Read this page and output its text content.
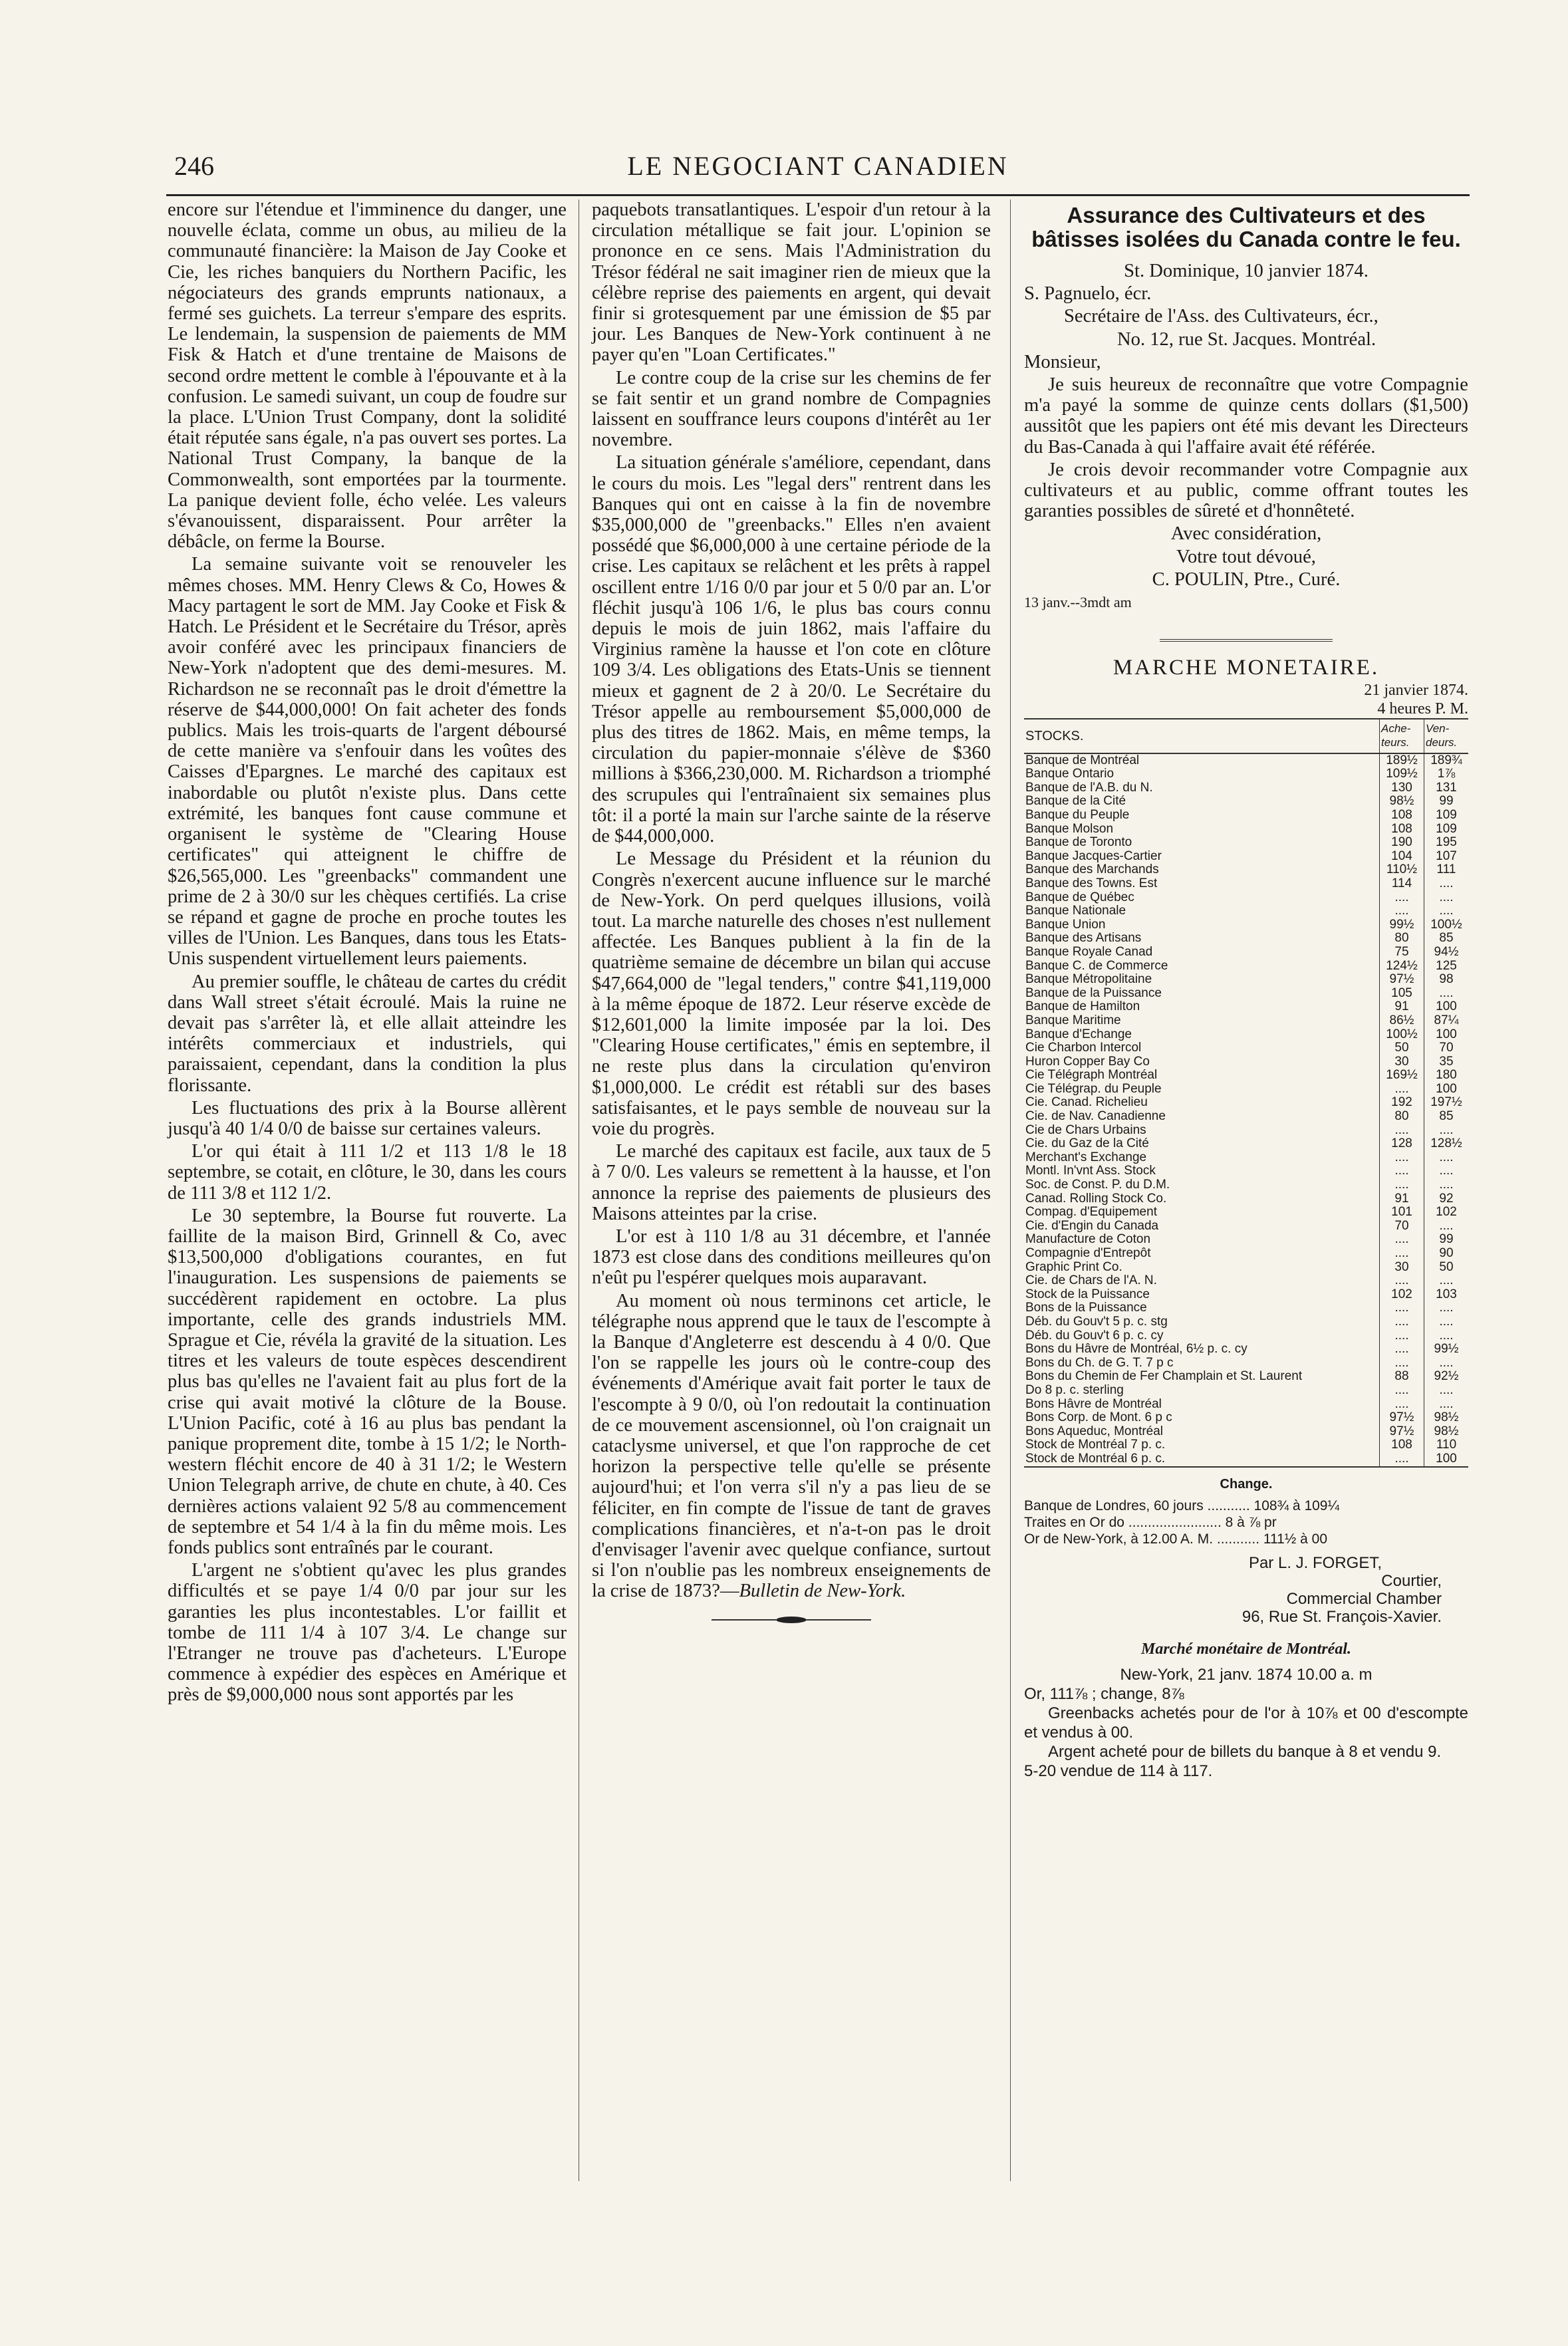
246	LE NEGOCIANT CANADIEN

encore sur l'étendue et l'imminence du danger, une nouvelle éclata, comme un obus, au milieu de la communauté financière: la Maison de Jay Cooke et Cie, les riches banquiers du Northern Pacific, les négociateurs des grands emprunts nationaux, a fermé ses guichets. La terreur s'empare des esprits. Le lendemain, la suspension de paiements de MM Fisk & Hatch et d'une trentaine de Maisons de second ordre mettent le comble à l'épouvante et à la confusion. Le samedi suivant, un coup de foudre sur la place. L'Union Trust Company, dont la solidité était réputée sans égale, n'a pas ouvert ses portes. La National Trust Company, la banque de la Commonwealth, sont emportées par la tourmente. La panique devient folle, écho velée. Les valeurs s'évanouissent, disparaissent. Pour arrêter la débâcle, on ferme la Bourse.

La semaine suivante voit se renouveler les mêmes choses. MM. Henry Clews & Co, Howes & Macy partagent le sort de MM. Jay Cooke et Fisk & Hatch. Le Président et le Secrétaire du Trésor, après avoir conféré avec les principaux financiers de New-York n'adoptent que des demi-mesures. M. Richardson ne se reconnaît pas le droit d'émettre la réserve de $44,000,000! On fait acheter des fonds publics. Mais les trois-quarts de l'argent déboursé de cette manière va s'enfouir dans les voûtes des Caisses d'Epargnes. Le marché des capitaux est inabordable ou plutôt n'existe plus. Dans cette extrémité, les banques font cause commune et organisent le système de "Clearing House certificates" qui atteignent le chiffre de $26,565,000. Les "greenbacks" commandent une prime de 2 à 30/0 sur les chèques certifiés. La crise se répand et gagne de proche en proche toutes les villes de l'Union. Les Banques, dans tous les Etats-Unis suspendent virtuellement leurs paiements.

Au premier souffle, le château de cartes du crédit dans Wall street s'était écroulé. Mais la ruine ne devait pas s'arrêter là, et elle allait atteindre les intérêts commerciaux et industriels, qui paraissaient, cependant, dans la condition la plus florissante.

Les fluctuations des prix à la Bourse allèrent jusqu'à 40 1/4 0/0 de baisse sur certaines valeurs.

L'or qui était à 111 1/2 et 113 1/8 le 18 septembre, se cotait, en clôture, le 30, dans les cours de 111 3/8 et 112 1/2.

Le 30 septembre, la Bourse fut rouverte. La faillite de la maison Bird, Grinnell & Co, avec $13,500,000 d'obligations courantes, en fut l'inauguration. Les suspensions de paiements se succédèrent rapidement en octobre. La plus importante, celle des grands industriels MM. Sprague et Cie, révéla la gravité de la situation. Les titres et les valeurs de toute espèces descendirent plus bas qu'elles ne l'avaient fait au plus fort de la crise qui avait motivé la clôture de la Bouse. L'Union Pacific, coté à 16 au plus bas pendant la panique proprement dite, tombe à 15 1/2; le North-western fléchit encore de 40 à 31 1/2; le Western Union Telegraph arrive, de chute en chute, à 40. Ces dernières actions valaient 92 5/8 au commencement de septembre et 54 1/4 à la fin du même mois. Les fonds publics sont entraînés par le courant.

L'argent ne s'obtient qu'avec les plus grandes difficultés et se paye 1/4 0/0 par jour sur les garanties les plus incontestables. L'or faillit et tombe de 111 1/4 à 107 3/4. Le change sur l'Etranger ne trouve pas d'acheteurs. L'Europe commence à expédier des espèces en Amérique et près de $9,000,000 nous sont apportés par les

paquebots transatlantiques. L'espoir d'un retour à la circulation métallique se fait jour. L'opinion se prononce en ce sens. Mais l'Administration du Trésor fédéral ne sait imaginer rien de mieux que la célèbre reprise des paiements en argent, qui devait finir si grotesquement par une émission de $5 par jour. Les Banques de New-York continuent à ne payer qu'en "Loan Certificates."

Le contre coup de la crise sur les chemins de fer se fait sentir et un grand nombre de Compagnies laissent en souffrance leurs coupons d'intérêt au 1er novembre.

La situation générale s'améliore, cependant, dans le cours du mois. Les "legal ders" rentrent dans les Banques qui ont en caisse à la fin de novembre $35,000,000 de "greenbacks." Elles n'en avaient possédé que $6,000,000 à une certaine période de la crise. Les capitaux se relâchent et les prêts à rappel oscillent entre 1/16 0/0 par jour et 5 0/0 par an. L'or fléchit jusqu'à 106 1/6, le plus bas cours connu depuis le mois de juin 1862, mais l'affaire du Virginius ramène la hausse et l'on cote en clôture 109 3/4. Les obligations des Etats-Unis se tiennent mieux et gagnent de 2 à 20/0. Le Secrétaire du Trésor appelle au remboursement $5,000,000 de plus des titres de 1862. Mais, en même temps, la circulation du papier-monnaie s'élève de $360 millions à $366,230,000. M. Richardson a triomphé des scrupules qui l'entraînaient six semaines plus tôt: il a porté la main sur l'arche sainte de la réserve de $44,000,000.

Le Message du Président et la réunion du Congrès n'exercent aucune influence sur le marché de New-York. On perd quelques illusions, voilà tout. La marche naturelle des choses n'est nullement affectée. Les Banques publient à la fin de la quatrième semaine de décembre un bilan qui accuse $47,664,000 de "legal tenders," contre $41,119,000 à la même époque de 1872. Leur réserve excède de $12,601,000 la limite imposée par la loi. Des "Clearing House certificates," émis en septembre, il ne reste plus dans la circulation qu'environ $1,000,000. Le crédit est rétabli sur des bases satisfaisantes, et le pays semble de nouveau sur la voie du progrès.

Le marché des capitaux est facile, aux taux de 5 à 7 0/0. Les valeurs se remettent à la hausse, et l'on annonce la reprise des paiements de plusieurs des Maisons atteintes par la crise.

L'or est à 110 1/8 au 31 décembre, et l'année 1873 est close dans des conditions meilleures qu'on n'eût pu l'espérer quelques mois auparavant.

Au moment où nous terminons cet article, le télégraphe nous apprend que le taux de l'escompte à la Banque d'Angleterre est descendu à 4 0/0. Que l'on se rappelle les jours où le contre-coup des événements d'Amérique avait fait porter le taux de l'escompte à 9 0/0, où l'on redoutait la continuation de ce mouvement ascensionnel, où l'on craignait un cataclysme universel, et que l'on rapproche de cet horizon la perspective telle qu'elle se présente aujourd'hui; et l'on verra s'il n'y a pas lieu de se féliciter, en fin compte de l'issue de tant de graves complications financières, et n'a-t-on pas le droit d'envisager l'avenir avec quelque confiance, surtout si l'on n'oublie pas les nombreux enseignements de la crise de 1873?—Bulletin de New-York.

Assurance des Cultivateurs et des bâtisses isolées du Canada contre le feu.

St. Dominique, 10 janvier 1874.

S. Pagnuelo, écr.

Secrétaire de l'Ass. des Cultivateurs, écr.,

No. 12, rue St. Jacques. Montréal.

Monsieur,

Je suis heureux de reconnaître que votre Compagnie m'a payé la somme de quinze cents dollars ($1,500) aussitôt que les papiers ont été mis devant les Directeurs du Bas-Canada à qui l'affaire avait été référée.

Je crois devoir recommander votre Compagnie aux cultivateurs et au public, comme offrant toutes les garanties possibles de sûreté et d'honnêteté.

Avec considération,

Votre tout dévoué,

C. POULIN, Ptre., Curé.

13 janv.--3mdt am

MARCHE MONETAIRE.
21 janvier 1874.
4 heures P. M.
STOCKS.	Ache-teurs.	Ven-deurs.
Banque de Montréal	189½	189¾
Banque Ontario	109½	1⅞
Banque de l'A.B. du N.	130	131
Banque de la Cité	98½	99
Banque du Peuple	108	109
Banque Molson	108	109
Banque de Toronto	190	195
Banque Jacques-Cartier	104	107
Banque des Marchands	110½	111
Banque des Towns. Est	114	....
Banque de Québec	....	....
Banque Nationale	....	....
Banque Union	99½	100½
Banque des Artisans	80	85
Banque Royale Canad	75	94½
Banque C. de Commerce	124½	125
Banque Métropolitaine	97½	98
Banque de la Puissance	105	....
Banque de Hamilton	91	100
Banque Maritime	86½	87¼
Banque d'Echange	100½	100
Cie Charbon Intercol	50	70
Huron Copper Bay Co	30	35
Cie Télégraph Montréal	169½	180
Cie Télégrap. du Peuple	....	100
Cie. Canad. Richelieu	192	197½
Cie. de Nav. Canadienne	80	85
Cie de Chars Urbains	....	....
Cie. du Gaz de la Cité	128	128½
Merchant's Exchange	....	....
Montl. In'vnt Ass. Stock	....	....
Soc. de Const. P. du D.M.	....	....
Canad. Rolling Stock Co.	91	92
Compag. d'Equipement	101	102
Cie. d'Engin du Canada	70	....
Manufacture de Coton	....	99
Compagnie d'Entrepôt	....	90
Graphic Print Co.	30	50
Cie. de Chars de l'A. N.	....	....
Stock de la Puissance	102	103
Bons de la Puissance	....	....
Déb. du Gouv't 5 p. c. stg	....	....
Déb. du Gouv't 6 p. c. cy	....	....
Bons du Hâvre de Montréal, 6½ p. c. cy	....	99½
Bons du Ch. de G. T. 7 p c	....	....
Bons du Chemin de Fer Champlain et St. Laurent	88	92½
Do 8 p. c. sterling	....	....
Bons Hâvre de Montréal	....	....
Bons Corp. de Mont. 6 p c	97½	98½
Bons Aqueduc, Montréal	97½	98½
Stock de Montréal 7 p. c.	108	110
Stock de Montréal 6 p. c.	....	100
Change.
Banque de Londres, 60 jours ........... 108¾ à 109¼
Traites en Or do ........................ 8 à ⅞ pr
Or de New-York, à 12.00 A. M. ........... 111½ à 00
Par L. J. FORGET,
Courtier,
Commercial Chamber
96, Rue St. François-Xavier.
Marché monétaire de Montréal.
New-York, 21 janv. 1874 10.00 a. m
Or, 111⅞ ; change, 8⅞
Greenbacks achetés pour de l'or à 10⅞ et 00 d'escompte et vendus à 00.
Argent acheté pour de billets du banque à 8 et vendu 9.
5-20 vendue de 114 à 117.
